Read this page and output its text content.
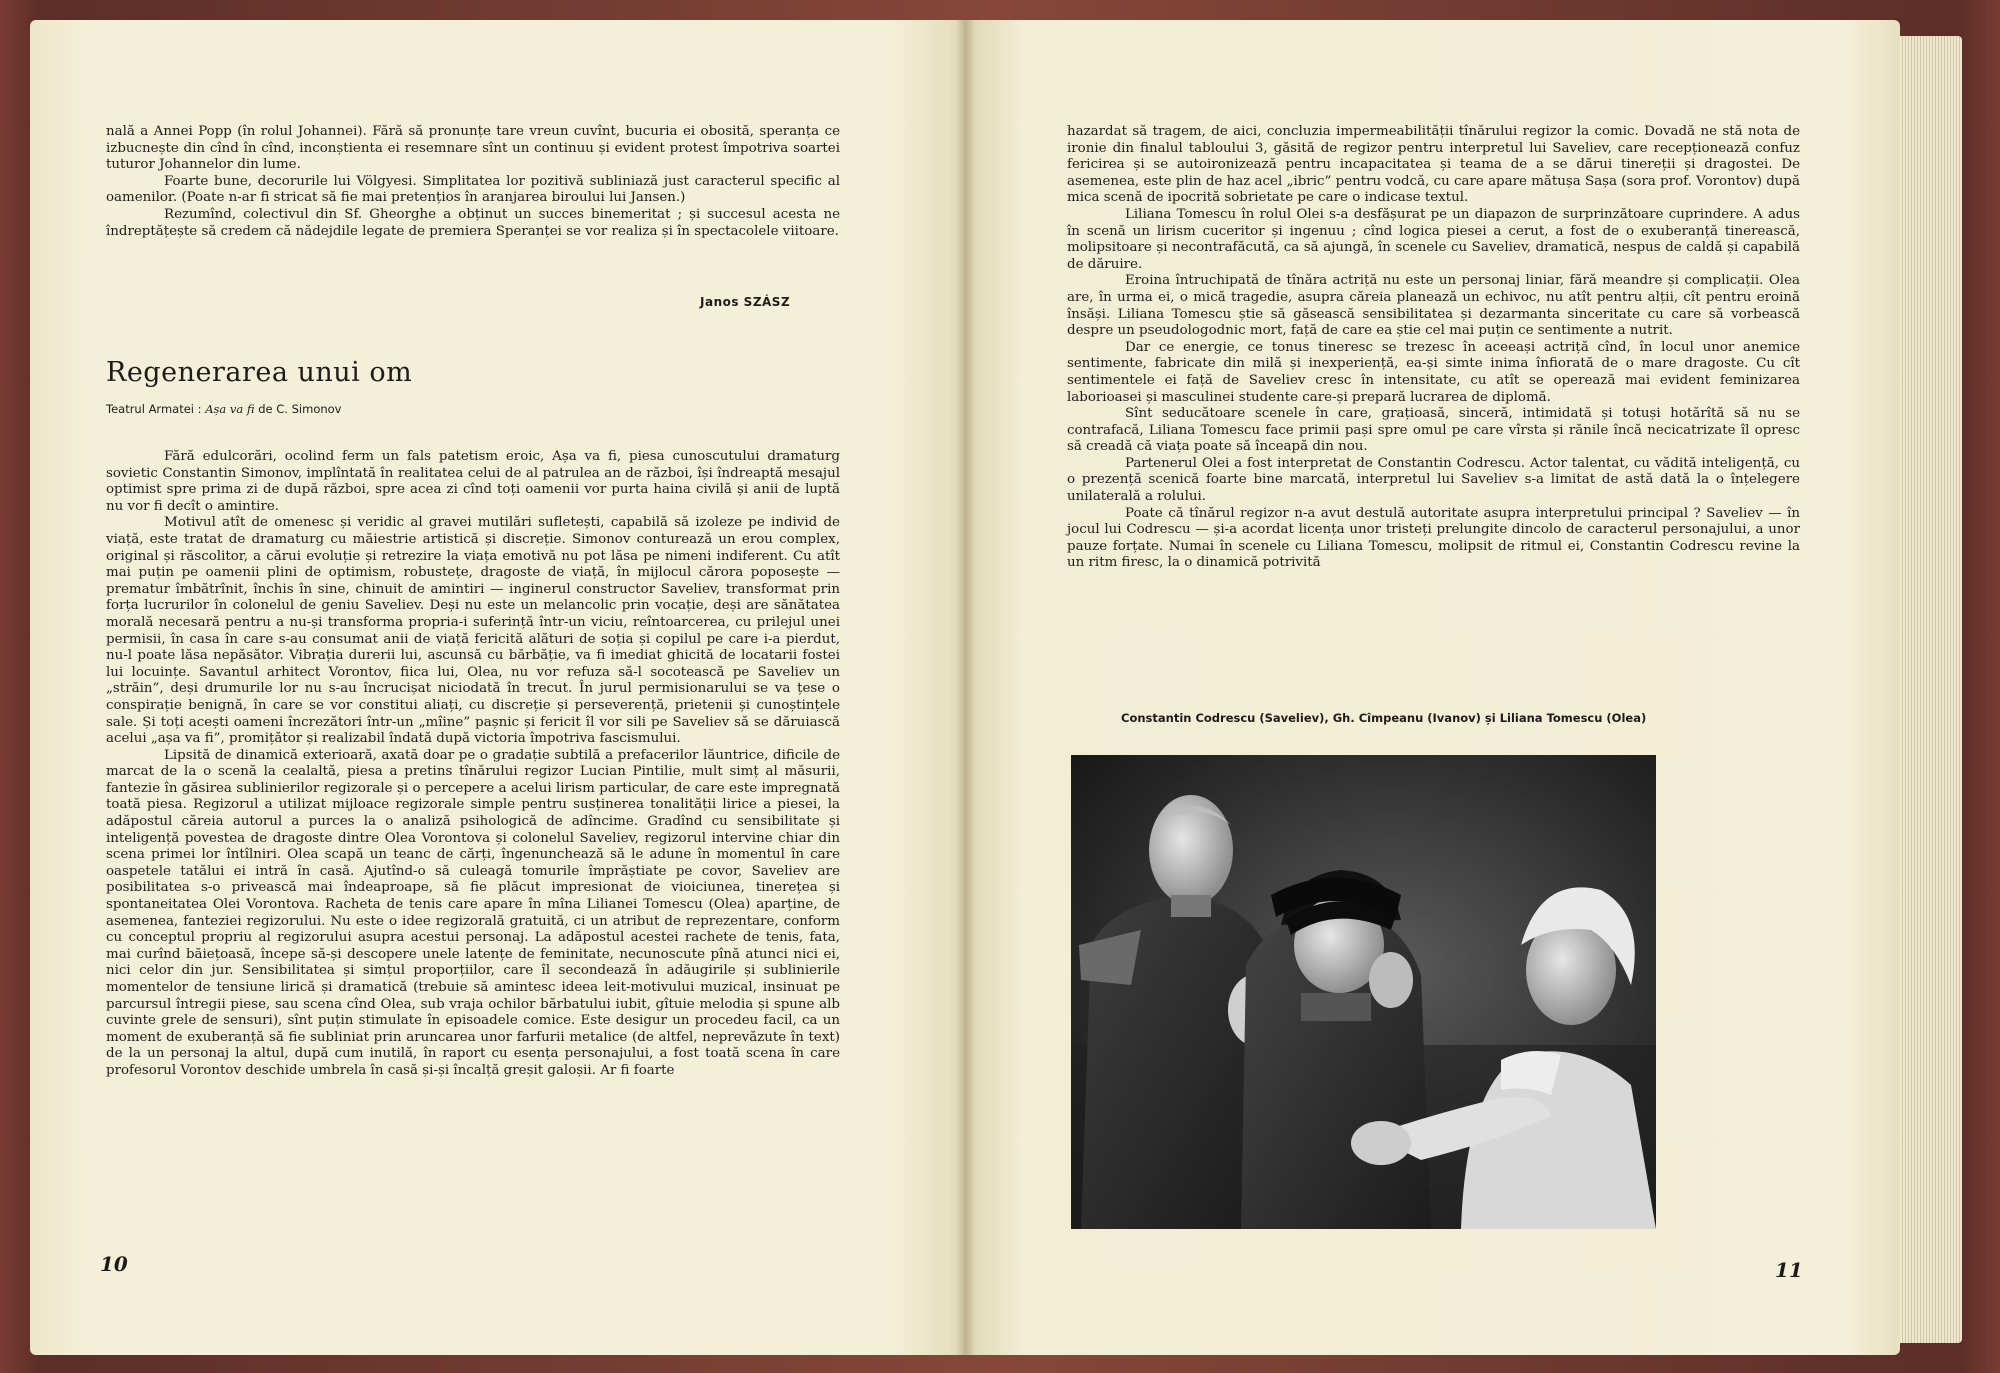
nală a Annei Popp (în rolul Johannei). Fără să pronunțe tare vreun cuvînt, bucuria ei obosită, speranța ce izbucnește din cînd în cînd, inconștienta ei resemnare sînt un continuu și evident protest împotriva soartei tuturor Johannelor din lume.

Foarte bune, decorurile lui Völgyesi. Simplitatea lor pozitivă subliniază just caracterul specific al oamenilor. (Poate n-ar fi stricat să fie mai pretențios în aranjarea biroului lui Jansen.)

Rezumînd, colectivul din Sf. Gheorghe a obținut un succes binemeritat ; și succesul acesta ne îndreptățește să credem că nădejdile legate de premiera Speranței se vor realiza și în spectacolele viitoare.

Janos SZÁSZ
Regenerarea unui om
Teatrul Armatei : Așa va fi de C. Simonov

Fără edulcorări, ocolind ferm un fals patetism eroic, Așa va fi, piesa cunoscutului dramaturg sovietic Constantin Simonov, implîntată în realitatea celui de al patrulea an de război, își îndreaptă mesajul optimist spre prima zi de după război, spre acea zi cînd toți oamenii vor purta haina civilă și anii de luptă nu vor fi decît o amintire.

Motivul atît de omenesc și veridic al gravei mutilări sufletești, capabilă să izoleze pe individ de viață, este tratat de dramaturg cu măiestrie artistică și discreție. Simonov conturează un erou complex, original și răscolitor, a cărui evoluție și retrezire la viața emotivă nu pot lăsa pe nimeni indiferent. Cu atît mai puțin pe oamenii plini de optimism, robustețe, dragoste de viață, în mijlocul cărora poposește — prematur îmbătrînit, închis în sine, chinuit de amintiri — inginerul constructor Saveliev, transformat prin forța lucrurilor în colonelul de geniu Saveliev. Deși nu este un melancolic prin vocație, deși are sănătatea morală necesară pentru a nu-și transforma propria-i suferință într-un viciu, reîntoarcerea, cu prilejul unei permisii, în casa în care s-au consumat anii de viață fericită alături de soția și copilul pe care i-a pierdut, nu-l poate lăsa nepăsător. Vibrația durerii lui, ascunsă cu bărbăție, va fi imediat ghicită de locatarii fostei lui locuințe. Savantul arhitect Vorontov, fiica lui, Olea, nu vor refuza să-l socotească pe Saveliev un „străin”, deși drumurile lor nu s-au încrucișat niciodată în trecut. În jurul permisionarului se va țese o conspirație benignă, în care se vor constitui aliați, cu discreție și perseverență, prietenii și cunoștințele sale. Și toți acești oameni încrezători într-un „mîine” pașnic și fericit îl vor sili pe Saveliev să se dăruiască acelui „așa va fi”, promițător și realizabil îndată după victoria împotriva fascismului.

Lipsită de dinamică exterioară, axată doar pe o gradație subtilă a prefacerilor lăuntrice, dificile de marcat de la o scenă la cealaltă, piesa a pretins tînărului regizor Lucian Pintilie, mult simț al măsurii, fantezie în găsirea sublinierilor regizorale și o percepere a acelui lirism particular, de care este impregnată toată piesa. Regizorul a utilizat mijloace regizorale simple pentru susținerea tonalității lirice a piesei, la adăpostul căreia autorul a purces la o analiză psihologică de adîncime. Gradînd cu sensibilitate și inteligență povestea de dragoste dintre Olea Vorontova și colonelul Saveliev, regizorul intervine chiar din scena primei lor întîlniri. Olea scapă un teanc de cărți, îngenunchează să le adune în momentul în care oaspetele tatălui ei intră în casă. Ajutînd-o să culeagă tomurile împrăștiate pe covor, Saveliev are posibilitatea s-o privească mai îndeaproape, să fie plăcut impresionat de vioiciunea, tinerețea și spontaneitatea Olei Vorontova. Racheta de tenis care apare în mîna Lilianei Tomescu (Olea) aparține, de asemenea, fanteziei regizorului. Nu este o idee regizorală gratuită, ci un atribut de reprezentare, conform cu conceptul propriu al regizorului asupra acestui personaj. La adăpostul acestei rachete de tenis, fata, mai curînd băiețoasă, începe să-și descopere unele latențe de feminitate, necunoscute pînă atunci nici ei, nici celor din jur. Sensibilitatea și simțul proporțiilor, care îl secondează în adăugirile și sublinierile momentelor de tensiune lirică și dramatică (trebuie să amintesc ideea leit-motivului muzical, insinuat pe parcursul întregii piese, sau scena cînd Olea, sub vraja ochilor bărbatului iubit, gîtuie melodia și spune alb cuvinte grele de sensuri), sînt puțin stimulate în episoadele comice. Este desigur un procedeu facil, ca un moment de exuberanță să fie subliniat prin aruncarea unor farfurii metalice (de altfel, neprevăzute în text) de la un personaj la altul, după cum inutilă, în raport cu esența personajului, a fost toată scena în care profesorul Vorontov deschide umbrela în casă și-și încalță greșit galoșii. Ar fi foarte

10

hazardat să tragem, de aici, concluzia impermeabilității tînărului regizor la comic. Dovadă ne stă nota de ironie din finalul tabloului 3, găsită de regizor pentru interpretul lui Saveliev, care recepționează confuz fericirea și se autoironizează pentru incapacitatea și teama de a se dărui tinereții și dragostei. De asemenea, este plin de haz acel „ibric” pentru vodcă, cu care apare mătușa Sașa (sora prof. Vorontov) după mica scenă de ipocrită sobrietate pe care o indicase textul.

Liliana Tomescu în rolul Olei s-a desfășurat pe un diapazon de surprinzătoare cuprindere. A adus în scenă un lirism cuceritor și ingenuu ; cînd logica piesei a cerut, a fost de o exuberanță tinerească, molipsitoare și necontrafăcută, ca să ajungă, în scenele cu Saveliev, dramatică, nespus de caldă și capabilă de dăruire.

Eroina întruchipată de tînăra actriță nu este un personaj liniar, fără meandre și complicații. Olea are, în urma ei, o mică tragedie, asupra căreia planează un echivoc, nu atît pentru alții, cît pentru eroină însăși. Liliana Tomescu știe să găsească sensibilitatea și dezarmanta sinceritate cu care să vorbească despre un pseudologodnic mort, față de care ea știe cel mai puțin ce sentimente a nutrit.

Dar ce energie, ce tonus tineresc se trezesc în aceeași actriță cînd, în locul unor anemice sentimente, fabricate din milă și inexperiență, ea-și simte inima înfiorată de o mare dragoste. Cu cît sentimentele ei față de Saveliev cresc în intensitate, cu atît se operează mai evident feminizarea laborioasei și masculinei studente care-și prepară lucrarea de diplomă.

Sînt seducătoare scenele în care, grațioasă, sinceră, intimidată și totuși hotărîtă să nu se contrafacă, Liliana Tomescu face primii pași spre omul pe care vîrsta și rănile încă necicatrizate îl opresc să creadă că viața poate să înceapă din nou.

Partenerul Olei a fost interpretat de Constantin Codrescu. Actor talentat, cu vădită inteligență, cu o prezență scenică foarte bine marcată, interpretul lui Saveliev s-a limitat de astă dată la o înțelegere unilaterală a rolului.

Poate că tînărul regizor n-a avut destulă autoritate asupra interpretului principal ? Saveliev — în jocul lui Codrescu — și-a acordat licența unor tristeți prelungite dincolo de caracterul personajului, a unor pauze forțate. Numai în scenele cu Liliana Tomescu, molipsit de ritmul ei, Constantin Codrescu revine la un ritm firesc, la o dinamică potrivită

Constantin Codrescu (Saveliev), Gh. Cîmpeanu (Ivanov) și Liliana Tomescu (Olea)
11
